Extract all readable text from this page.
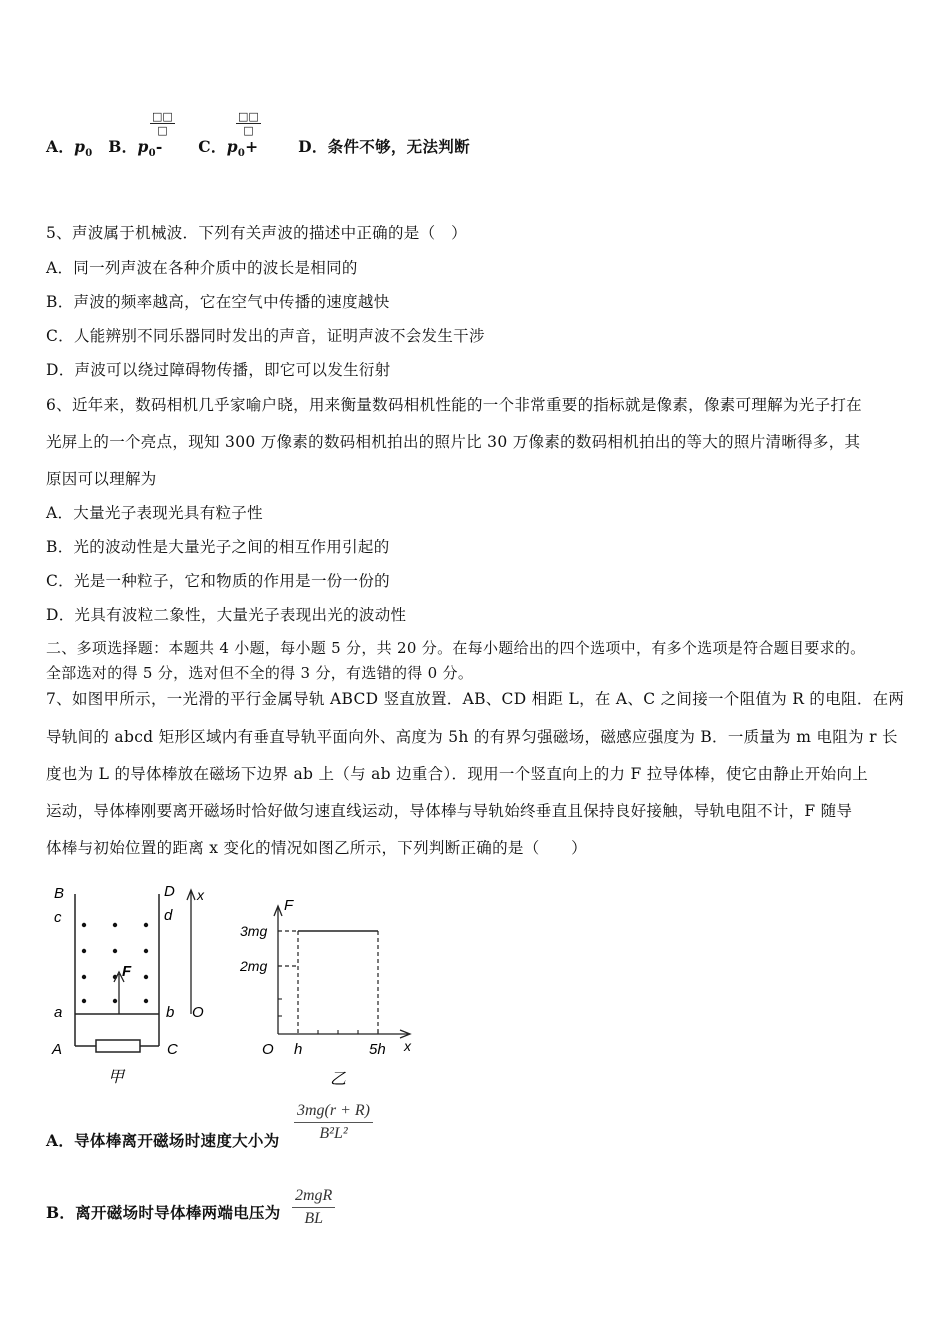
A．$p_0$ B．$p_0-$ C．$p_0+$	D．条件不够，无法判断
□□
□
□□
□
5、声波属于机械波．下列有关声波的描述中正确的是（　）
A．同一列声波在各种介质中的波长是相同的
B．声波的频率越高，它在空气中传播的速度越快
C．人能辨别不同乐器同时发出的声音，证明声波不会发生干涉
D．声波可以绕过障碍物传播，即它可以发生衍射
6、近年来，数码相机几乎家喻户晓，用来衡量数码相机性能的一个非常重要的指标就是像素，像素可理解为光子打在
光屏上的一个亮点，现知 300 万像素的数码相机拍出的照片比 30 万像素的数码相机拍出的等大的照片清晰得多，其
原因可以理解为
A．大量光子表现光具有粒子性
B．光的波动性是大量光子之间的相互作用引起的
C．光是一种粒子，它和物质的作用是一份一份的
D．光具有波粒二象性，大量光子表现出光的波动性
二、多项选择题：本题共 4 小题，每小题 5 分，共 20 分。在每小题给出的四个选项中，有多个选项是符合题目要求的。
全部选对的得 5 分，选对但不全的得 3 分，有选错的得 0 分。
7、如图甲所示，一光滑的平行金属导轨 ABCD 竖直放置．AB、CD 相距 L，在 A、C 之间接一个阻值为 R 的电阻．在两
导轨间的 abcd 矩形区域内有垂直导轨平面向外、高度为 5h 的有界匀强磁场，磁感应强度为 B．一质量为 m 电阻为 r 长
度也为 L 的导体棒放在磁场下边界 ab 上（与 ab 边重合）．现用一个竖直向上的力 F 拉导体棒，使它由静止开始向上
运动，导体棒刚要离开磁场时恰好做匀速直线运动，导体棒与导轨始终垂直且保持良好接触，导轨电阻不计，F 随导
体棒与初始位置的距离 x 变化的情况如图乙所示，下列判断正确的是（　　）
B	D x
c	d
F
a	b O
A	C
甲
F
3mg
2mg
O h	5h x
乙
A．导体棒离开磁场时速度大小为 $\frac{3mg(r + R)}{\text{B²L²}}$
B．离开磁场时导体棒两端电压为
2mgR
BL
